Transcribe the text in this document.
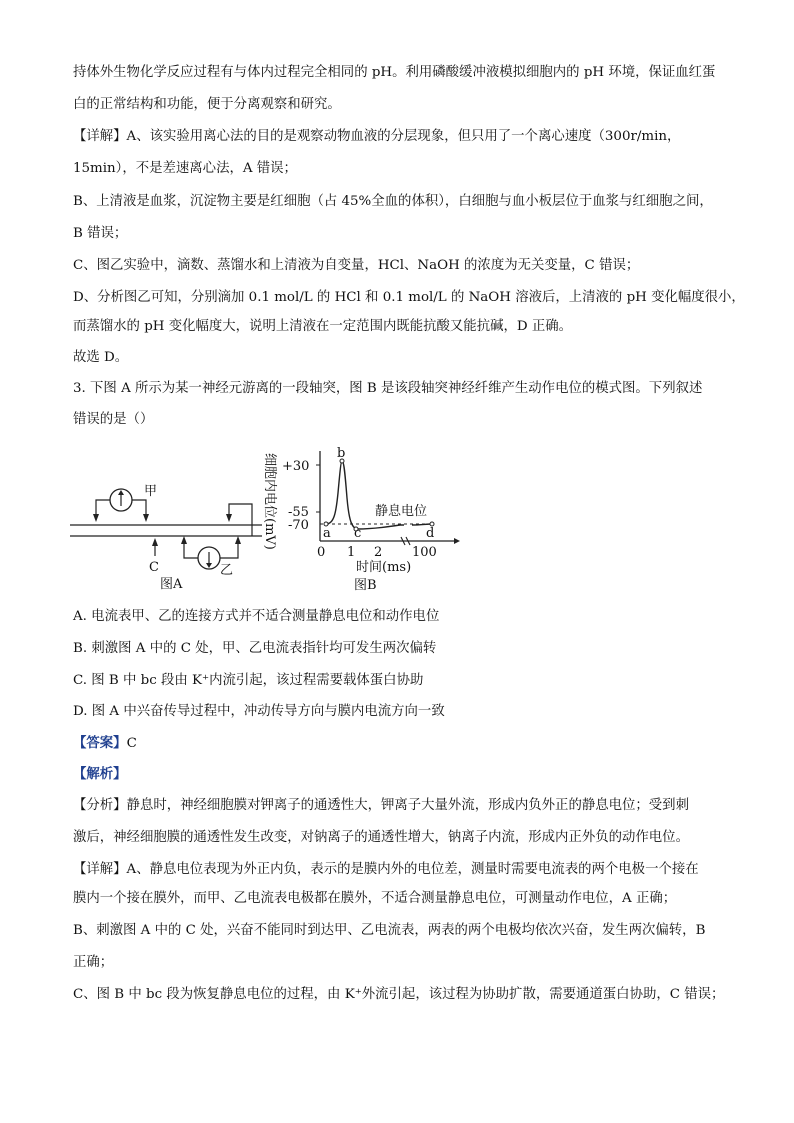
持体外生物化学反应过程有与体内过程完全相同的 pH。利用磷酸缓冲液模拟细胞内的 pH 环境，保证血红蛋
白的正常结构和功能，便于分离观察和研究。
【详解】A、该实验用离心法的目的是观察动物血液的分层现象，但只用了一个离心速度（300r/min，
15min），不是差速离心法，A 错误；
B、上清液是血浆，沉淀物主要是红细胞（占 45%全血的体积），白细胞与血小板层位于血浆与红细胞之间，
B 错误；
C、图乙实验中，滴数、蒸馏水和上清液为自变量，HCl、NaOH 的浓度为无关变量，C 错误；
D、分析图乙可知，分别滴加 0.1 mol/L 的 HCl 和 0.1 mol/L 的 NaOH 溶液后，上清液的 pH 变化幅度很小，
而蒸馏水的 pH 变化幅度大，说明上清液在一定范围内既能抗酸又能抗碱，D 正确。
故选 D。
3. 下图 A 所示为某一神经元游离的一段轴突，图 B 是该段轴突神经纤维产生动作电位的模式图。下列叙述
错误的是（）
甲
C	乙
图A
细胞内电位(mV) +30
-55
-70
a
b
c	d
静息电位
0 1 2 100
时间(ms)
图B
A. 电流表甲、乙的连接方式并不适合测量静息电位和动作电位
B. 刺激图 A 中的 C 处，甲、乙电流表指针均可发生两次偏转
C. 图 B 中 bc 段由 K⁺内流引起，该过程需要载体蛋白协助
D. 图 A 中兴奋传导过程中，冲动传导方向与膜内电流方向一致
【答案】C
【解析】
【分析】静息时，神经细胞膜对钾离子的通透性大，钾离子大量外流，形成内负外正的静息电位；受到刺
激后，神经细胞膜的通透性发生改变，对钠离子的通透性增大，钠离子内流，形成内正外负的动作电位。
【详解】A、静息电位表现为外正内负，表示的是膜内外的电位差，测量时需要电流表的两个电极一个接在
膜内一个接在膜外，而甲、乙电流表电极都在膜外，不适合测量静息电位，可测量动作电位，A 正确；
B、刺激图 A 中的 C 处，兴奋不能同时到达甲、乙电流表，两表的两个电极均依次兴奋，发生两次偏转，B
正确；
C、图 B 中 bc 段为恢复静息电位的过程，由 K⁺外流引起，该过程为协助扩散，需要通道蛋白协助，C 错误；
